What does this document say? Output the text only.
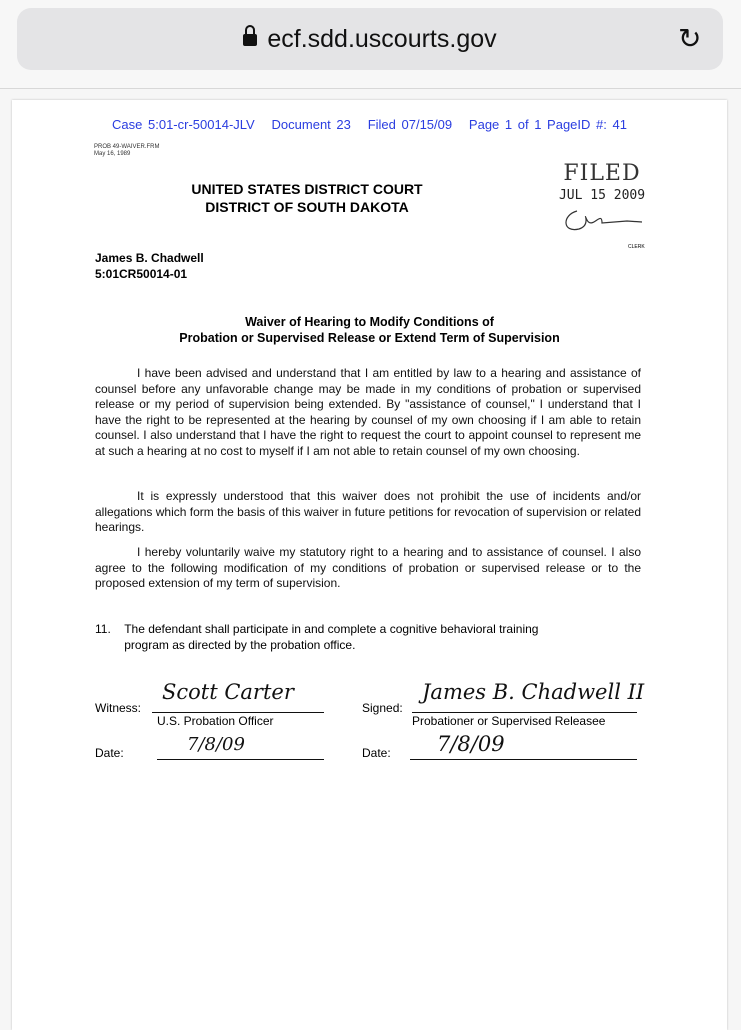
ecf.sdd.uscourts.gov	↻
Case 5:01-cr-50014-JLV   Document 23   Filed 07/15/09   Page 1 of 1 PageID #: 41
PROB 49-WAIVER.FRM
May 16, 1989
UNITED STATES DISTRICT COURT
DISTRICT OF SOUTH DAKOTA
FILED
JUL 15 2009
CLERK
James B. Chadwell
5:01CR50014-01
Waiver of Hearing to Modify Conditions of
Probation or Supervised Release or Extend Term of Supervision
I have been advised and understand that I am entitled by law to a hearing and assistance of counsel before any unfavorable change may be made in my conditions of probation or supervised release or my period of supervision being extended. By "assistance of counsel," I understand that I have the right to be represented at the hearing by counsel of my own choosing if I am able to retain counsel. I also understand that I have the right to request the court to appoint counsel to represent me at such a hearing at no cost to myself if I am not able to retain counsel of my own choosing.
It is expressly understood that this waiver does not prohibit the use of incidents and/or allegations which form the basis of this waiver in future petitions for revocation of supervision or related hearings.
I hereby voluntarily waive my statutory right to a hearing and to assistance of counsel. I also agree to the following modification of my conditions of probation or supervised release or to the proposed extension of my term of supervision.
11.	The defendant shall participate in and complete a cognitive behavioral training program as directed by the probation office.
Witness:
Scott Carter
U.S. Probation Officer
Date:	7/8/09
Signed:
James B. Chadwell II
Probationer or Supervised Releasee
Date: 7/8/09
